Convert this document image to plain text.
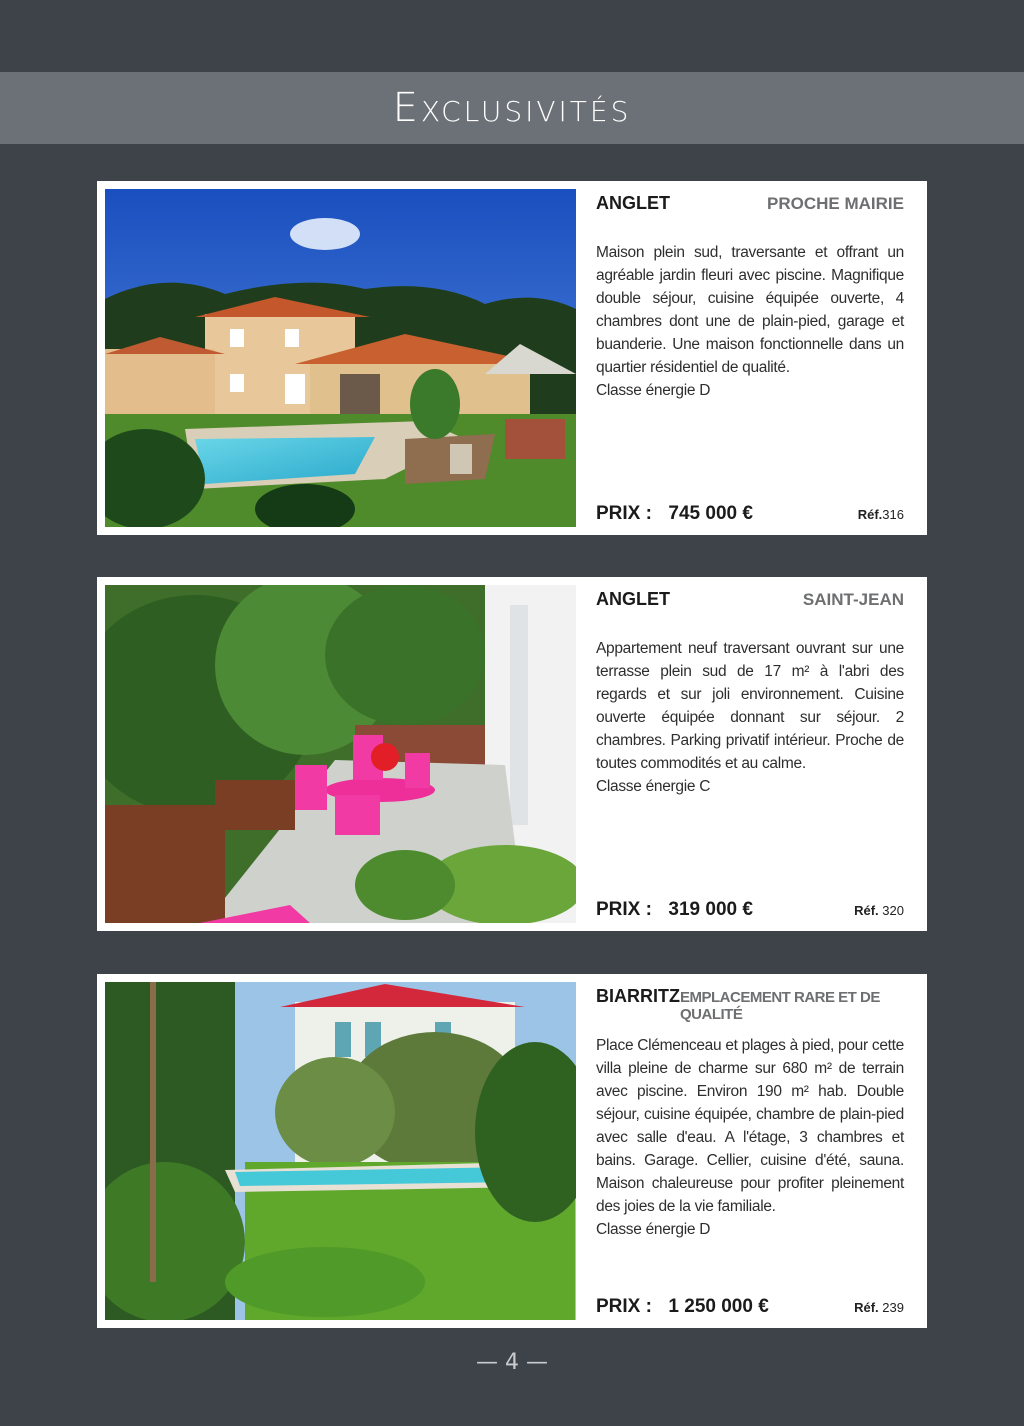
Exclusivités
ANGLET	PROCHE MAIRIE
Maison plein sud, traversante et offrant un agréable jardin fleuri avec piscine. Magnifique double séjour, cuisine équipée ouverte, 4 chambres dont une de plain-pied, garage et buanderie. Une maison fonctionnelle dans un quartier résidentiel de qualité.
Classe énergie D
PRIX : 745 000 €	Réf.316
ANGLET	SAINT-JEAN
Appartement neuf traversant ouvrant sur une terrasse plein sud de 17 m² à l'abri des regards et sur joli environnement. Cuisine ouverte équipée donnant sur séjour. 2 chambres. Parking privatif intérieur. Proche de toutes commodités et au calme.
Classe énergie C
PRIX : 319 000 €	Réf. 320
BIARRITZ EMPLACEMENT RARE ET DE QUALITÉ
Place Clémenceau et plages à pied, pour cette villa pleine de charme sur 680 m² de terrain avec piscine. Environ 190 m² hab. Double séjour, cuisine équipée, chambre de plain-pied avec salle d'eau. A l'étage, 3 chambres et bains. Garage. Cellier, cuisine d'été, sauna. Maison chaleureuse pour profiter pleinement des joies de la vie familiale.
Classe énergie D
PRIX : 1 250 000 €	Réf. 239
— 4 —
